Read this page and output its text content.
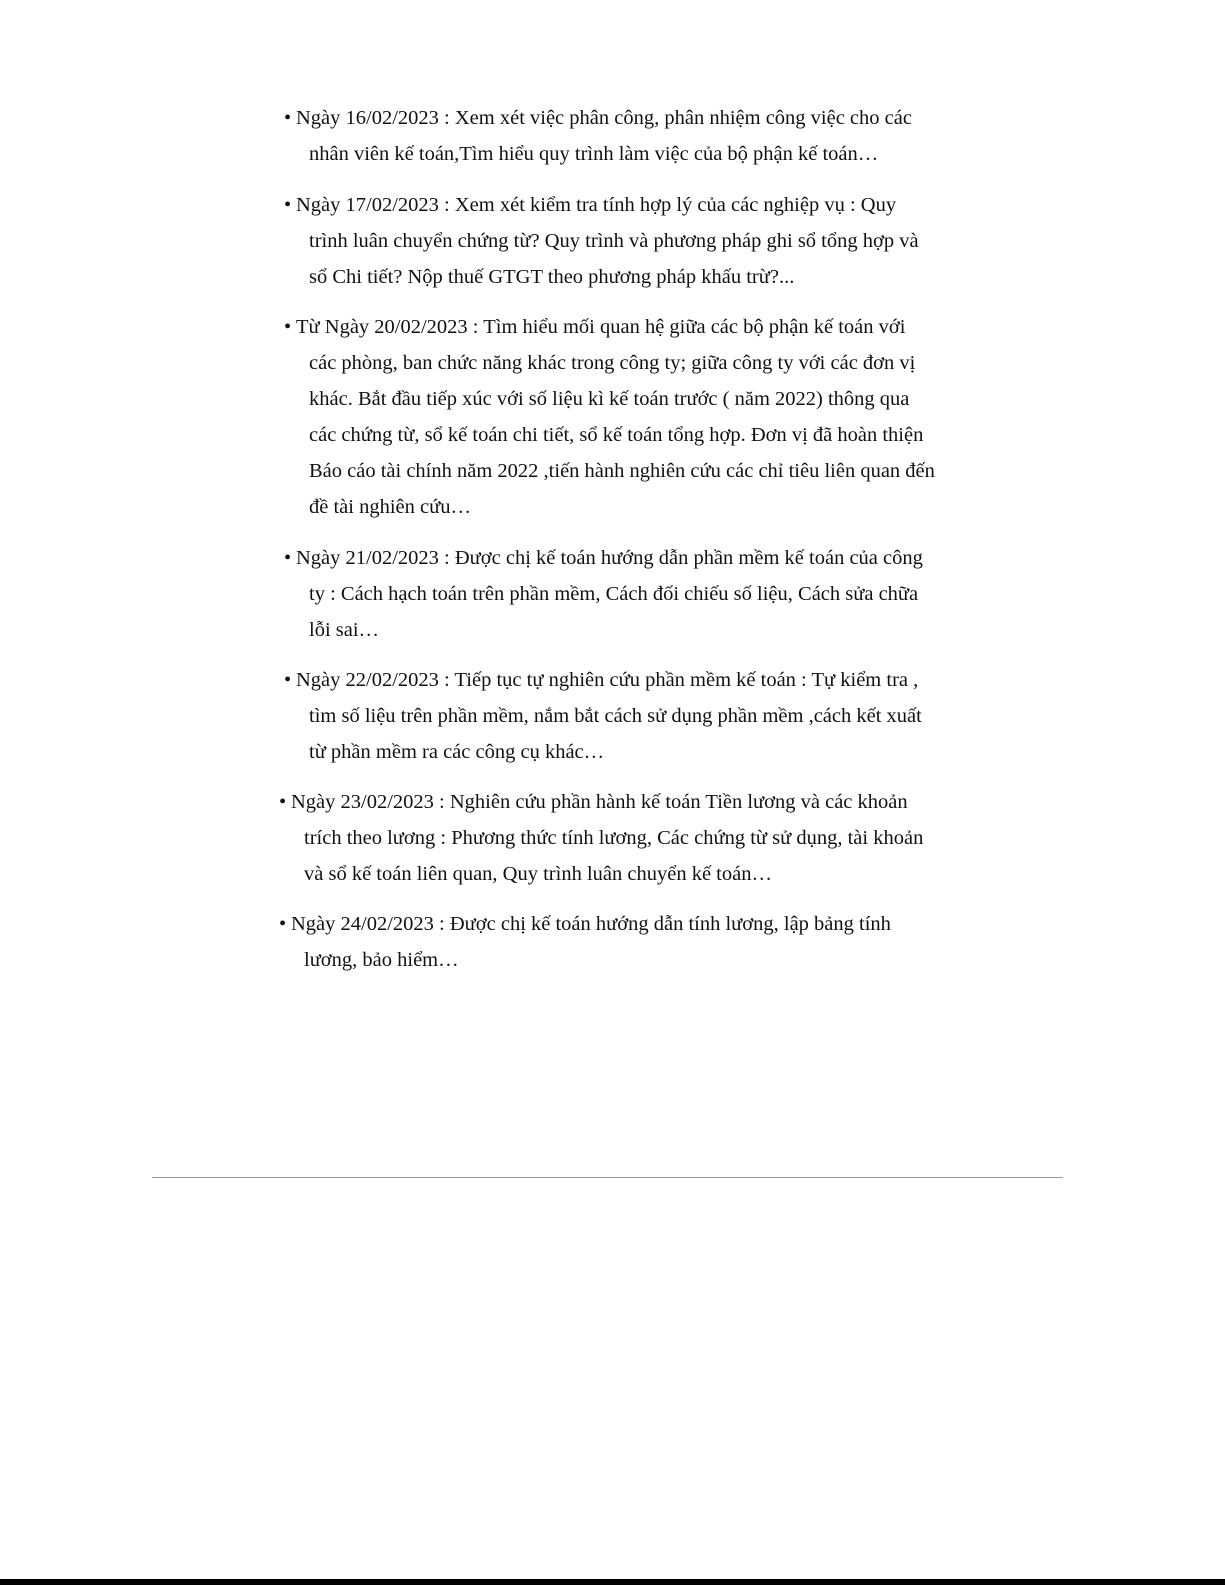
• Ngày 16/02/2023 : Xem xét việc phân công, phân nhiệm công việc cho các
nhân viên kế toán,Tìm hiểu quy trình làm việc của bộ phận kế toán…

• Ngày 17/02/2023 : Xem xét kiểm tra tính hợp lý của các nghiệp vụ : Quy
trình luân chuyển chứng từ? Quy trình và phương pháp ghi sổ tổng hợp và
sổ Chi tiết? Nộp thuế GTGT theo phương pháp khấu trừ?...

• Từ Ngày 20/02/2023 : Tìm hiểu mối quan hệ giữa các bộ phận kế toán với
các phòng, ban chức năng khác trong công ty; giữa công ty với các đơn vị
khác. Bắt đầu tiếp xúc với số liệu kì kế toán trước ( năm 2022) thông qua
các chứng từ, sổ kế toán chi tiết, sổ kế toán tổng hợp. Đơn vị đã hoàn thiện
Báo cáo tài chính năm 2022 ,tiến hành nghiên cứu các chỉ tiêu liên quan đến
đề tài nghiên cứu…

• Ngày 21/02/2023 : Được chị kế toán hướng dẫn phần mềm kế toán của công
ty : Cách hạch toán trên phần mềm, Cách đối chiếu số liệu, Cách sửa chữa
lỗi sai…

• Ngày 22/02/2023 : Tiếp tục tự nghiên cứu phần mềm kế toán : Tự kiểm tra ,
tìm số liệu trên phần mềm, nắm bắt cách sử dụng phần mềm ,cách kết xuất
từ phần mềm ra các công cụ khác…

• Ngày 23/02/2023 : Nghiên cứu phần hành kế toán Tiền lương và các khoản
trích theo lương : Phương thức tính lương, Các chứng từ sử dụng, tài khoản
và sổ kế toán liên quan, Quy trình luân chuyển kế toán…

• Ngày 24/02/2023 : Được chị kế toán hướng dẫn tính lương, lập bảng tính
lương, bảo hiểm…
